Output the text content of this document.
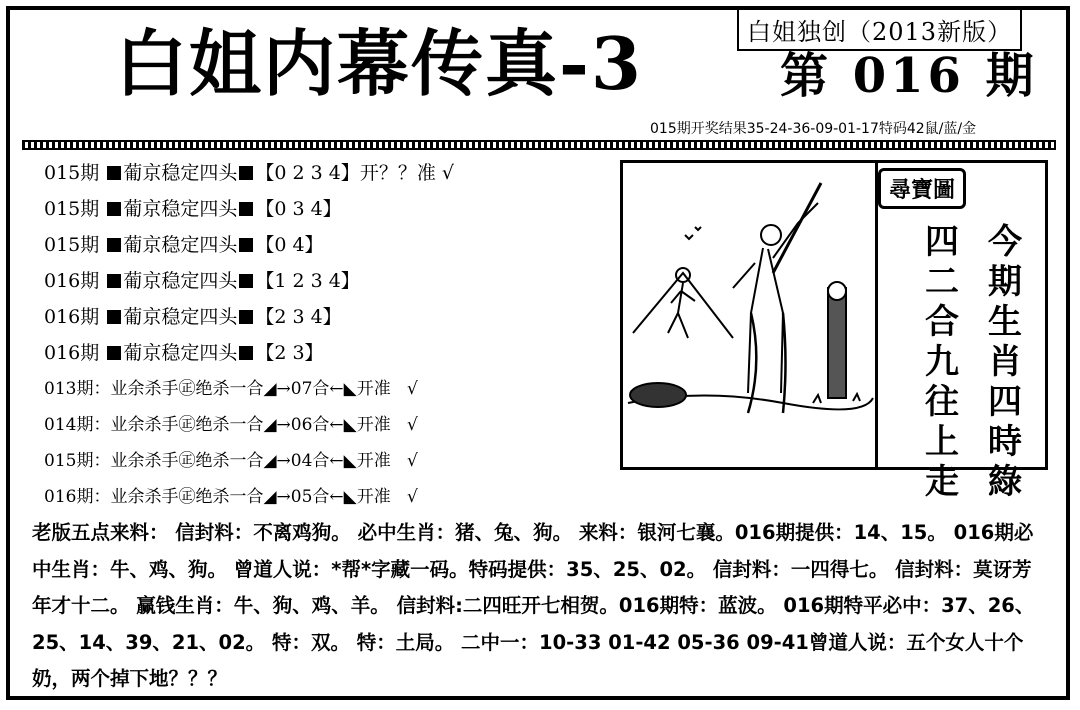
白姐独创（2013新版）
白姐内幕传真-3	第 016 期
015期开奖结果35-24-36-09-01-17特码42鼠/蓝/金
015期 葡京稳定四头 【0 2 3 4】开？？准 √
015期 葡京稳定四头 【0 3 4】
015期 葡京稳定四头 【0 4】
016期 葡京稳定四头 【1 2 3 4】
016期 葡京稳定四头 【2 3 4】
016期 葡京稳定四头 【2 3】
013期：业余杀手㊣绝杀一合◢→07合←◣开准 √
014期：业余杀手㊣绝杀一合◢→06合←◣开准 √
015期：业余杀手㊣绝杀一合◢→04合←◣开准 √
016期：业余杀手㊣绝杀一合◢→05合←◣开准 √
尋寶圖
今期生肖四時綠
四二合九往上走
老版五点来料： 信封料：不离鸡狗。 必中生肖：猪、兔、狗。 来料：银河七襄。016期提供：14、15。 016期必中生肖：牛、鸡、狗。 曾道人说：*帮*字藏一码。特码提供：35、25、02。 信封料：一四得七。 信封料：莫讶芳年才十二。 赢钱生肖：牛、狗、鸡、羊。 信封料:二四旺开七相贺。016期特：蓝波。 016期特平必中：37、26、25、14、39、21、02。 特：双。 特：土局。 二中一：10-33 01-42 05-36 09-41曾道人说：五个女人十个奶，两个掉下地？？？
